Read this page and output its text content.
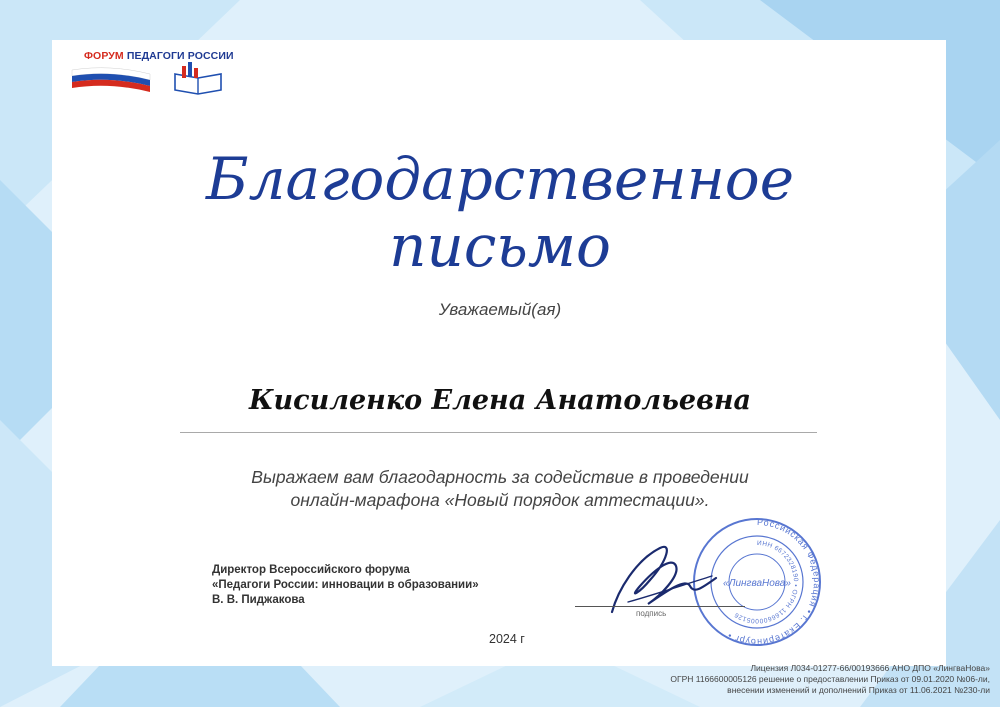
ФОРУМ ПЕДАГОГИ РОССИИ
Благодарственное
письмо
Уважаемый(ая)
Кисиленко Елена Анатольевна
Выражаем вам благодарность за содействие в проведении
онлайн-марафона «Новый порядок аттестации».
Директор Всероссийского форума
«Педагоги России: инновации в образовании»
В. В. Пиджакова
Российская Федерация • г. Екатеринбург •
ИНН 6672328190 • ОГРН 1166600005126
«ЛингваНова»
подпись
2024 г
Лицензия Л034-01277-66/00193666 АНО ДПО «ЛингваНова»
ОГРН 1166600005126 решение о предоставлении Приказ от 09.01.2020 №06-ли,
внесении изменений и дополнений Приказ от 11.06.2021 №230-ли
